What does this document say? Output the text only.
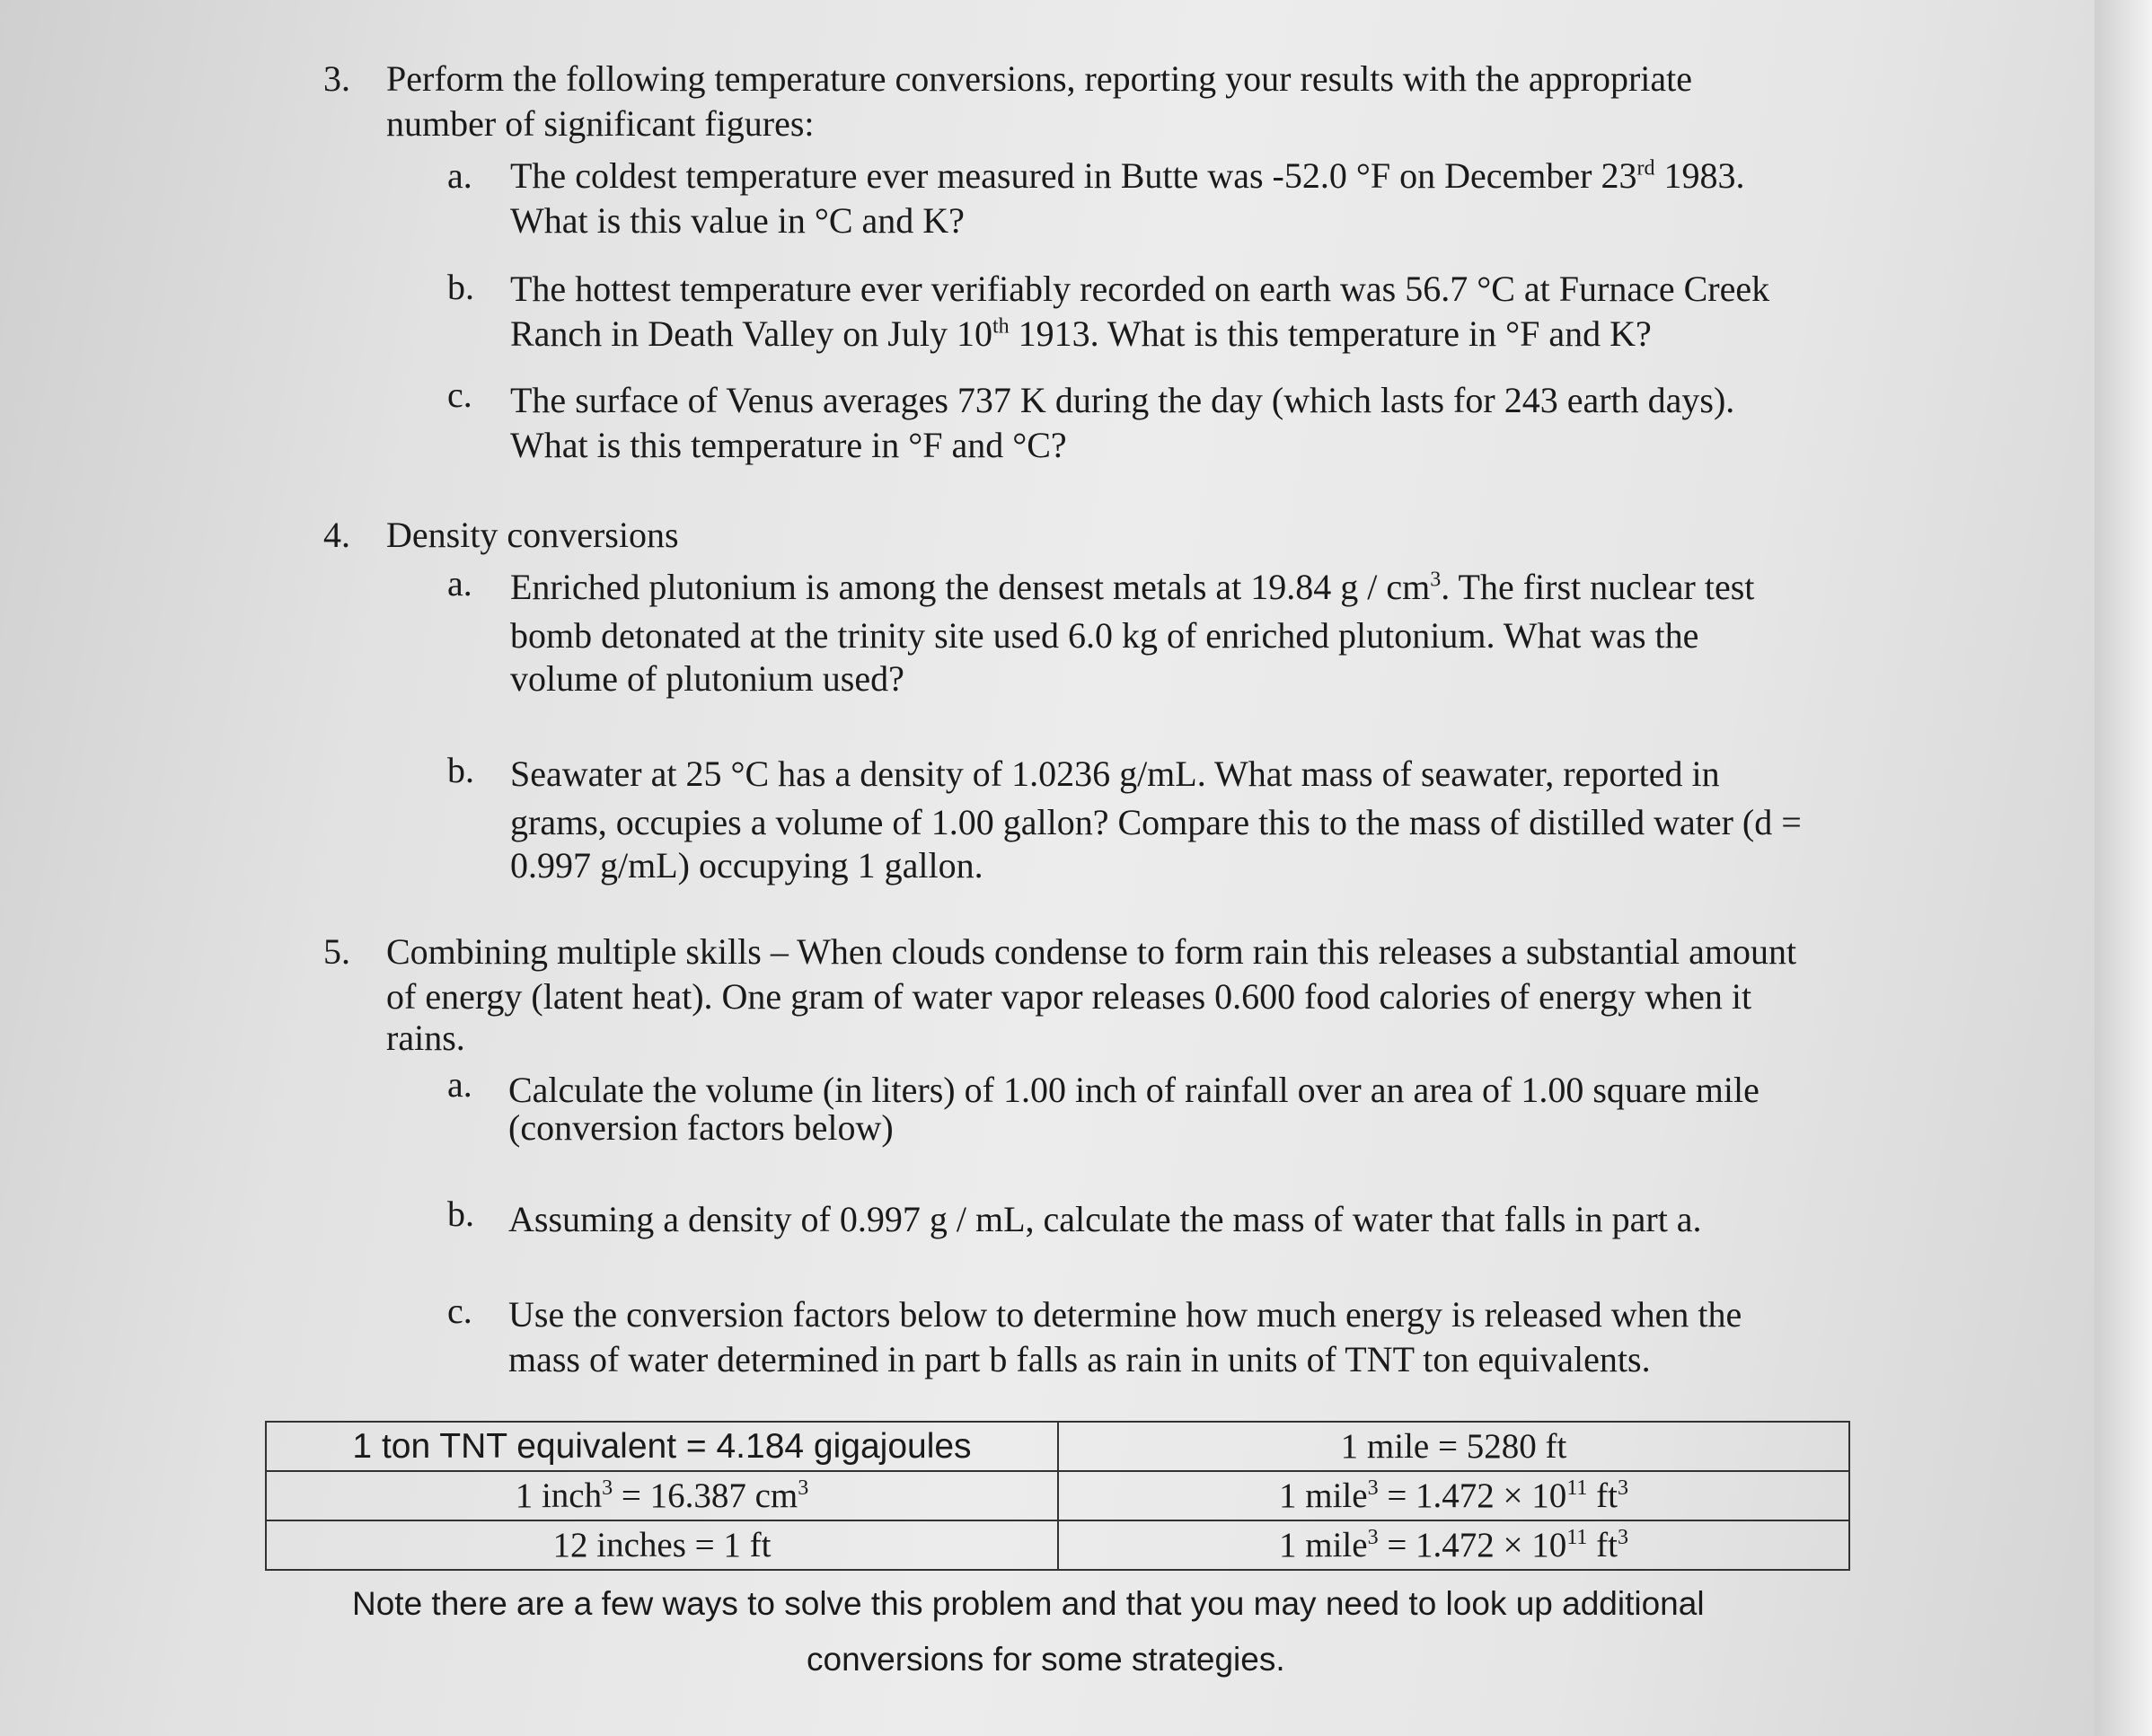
3. Perform the following temperature conversions, reporting your results with the appropriate
number of significant figures:
a. The coldest temperature ever measured in Butte was -52.0 °F on December 23rd 1983.
What is this value in °C and K?
b. The hottest temperature ever verifiably recorded on earth was 56.7 °C at Furnace Creek
Ranch in Death Valley on July 10th 1913. What is this temperature in °F and K?
c. The surface of Venus averages 737 K during the day (which lasts for 243 earth days).
What is this temperature in °F and °C?
4. Density conversions
a. Enriched plutonium is among the densest metals at 19.84 g / $cm^3$. The first nuclear test
bomb detonated at the trinity site used 6.0 kg of enriched plutonium. What was the
volume of plutonium used?
b. Seawater at 25 °C has a density of 1.0236 g/mL. What mass of seawater, reported in
grams, occupies a volume of 1.00 gallon? Compare this to the mass of distilled water (d =
0.997 g/mL) occupying 1 gallon.
5. Combining multiple skills – When clouds condense to form rain this releases a substantial amount
of energy (latent heat). One gram of water vapor releases 0.600 food calories of energy when it
rains.
a. Calculate the volume (in liters) of 1.00 inch of rainfall over an area of 1.00 square mile
(conversion factors below)
b. Assuming a density of 0.997 g / mL, calculate the mass of water that falls in part a.
c. Use the conversion factors below to determine how much energy is released when the
mass of water determined in part b falls as rain in units of TNT ton equivalents.
1 ton TNT equivalent = 4.184 gigajoules	1 mile = 5280 ft
1 inch$^3$ = 16.387 $cm^3$	1 mile$^3$ = $1.472 \times 10^{11}$ $ft^3$
12 inches = 1 ft	1 mile$^3$ = $1.472 \times 10^{11}$ $ft^3$
Note there are a few ways to solve this problem and that you may need to look up additional
conversions for some strategies.
